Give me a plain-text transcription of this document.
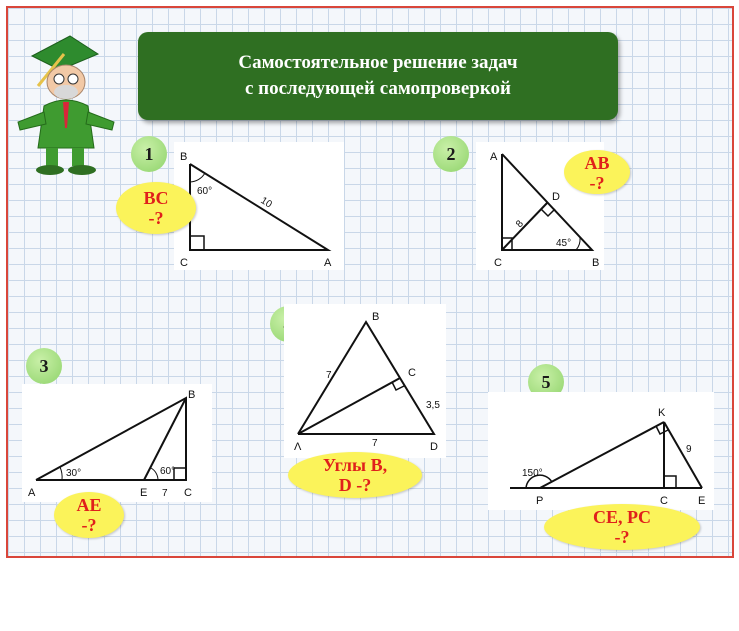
Самостоятельное решение задач
с последующей самопроверкой
1	B
C	A
60°
10
BC
-?
2	A
C	B
D
45°
8
AB
-?
3
A	E	C
B
30°	60°
7
AE
-?
B
C
Λ	D
7
3,5
7
Углы B,
D -?
5
K
P	C	E
150°
9
CE, PC
-?
